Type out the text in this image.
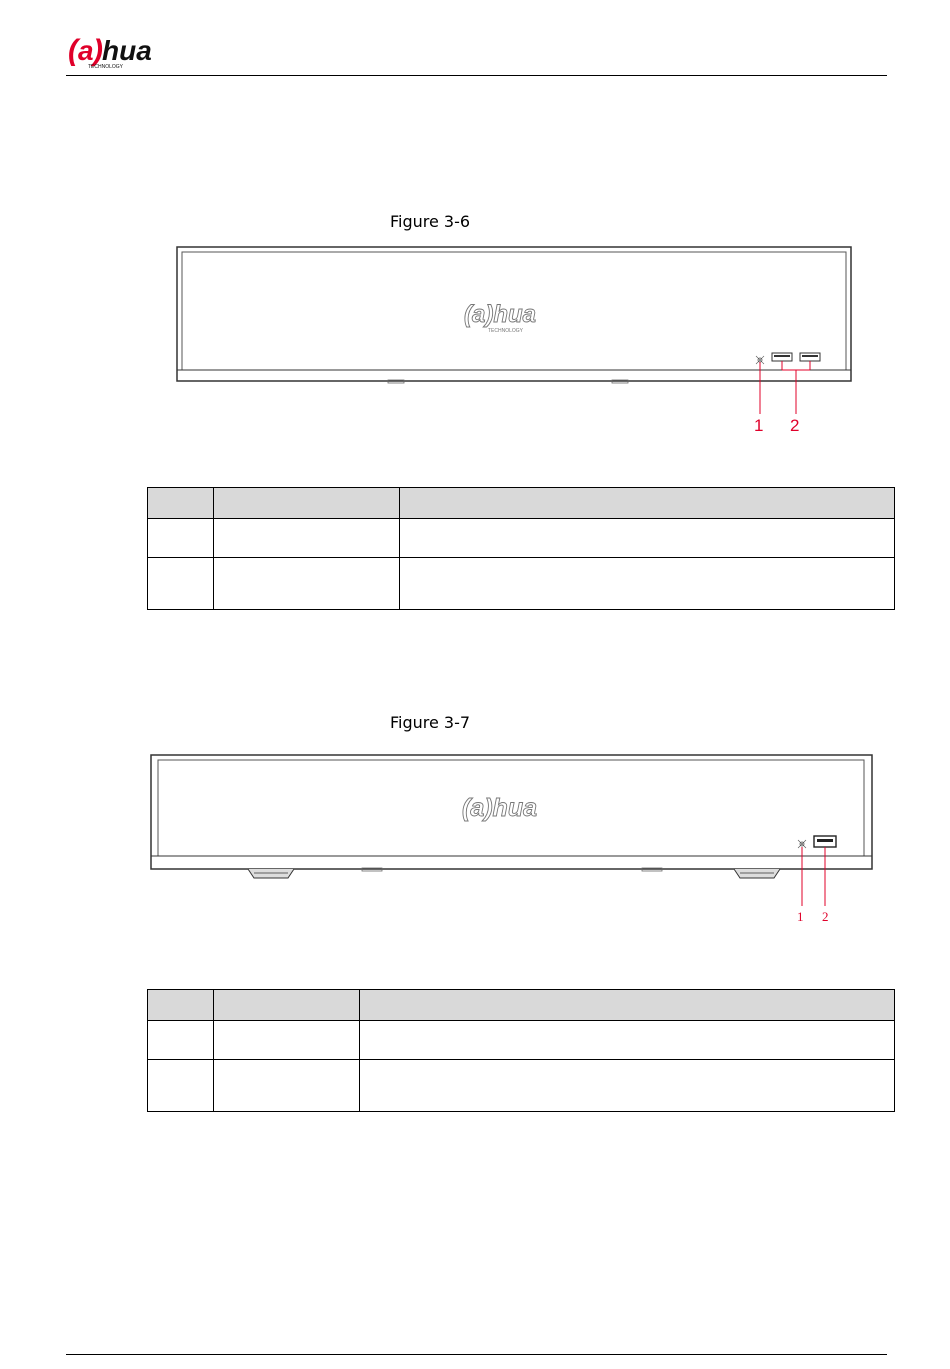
( a ) hua
TECHNOLOGY
Figure 3-6
(a)hua
TECHNOLOGY
1 2

Figure 3-7
(a)hua
1 2
